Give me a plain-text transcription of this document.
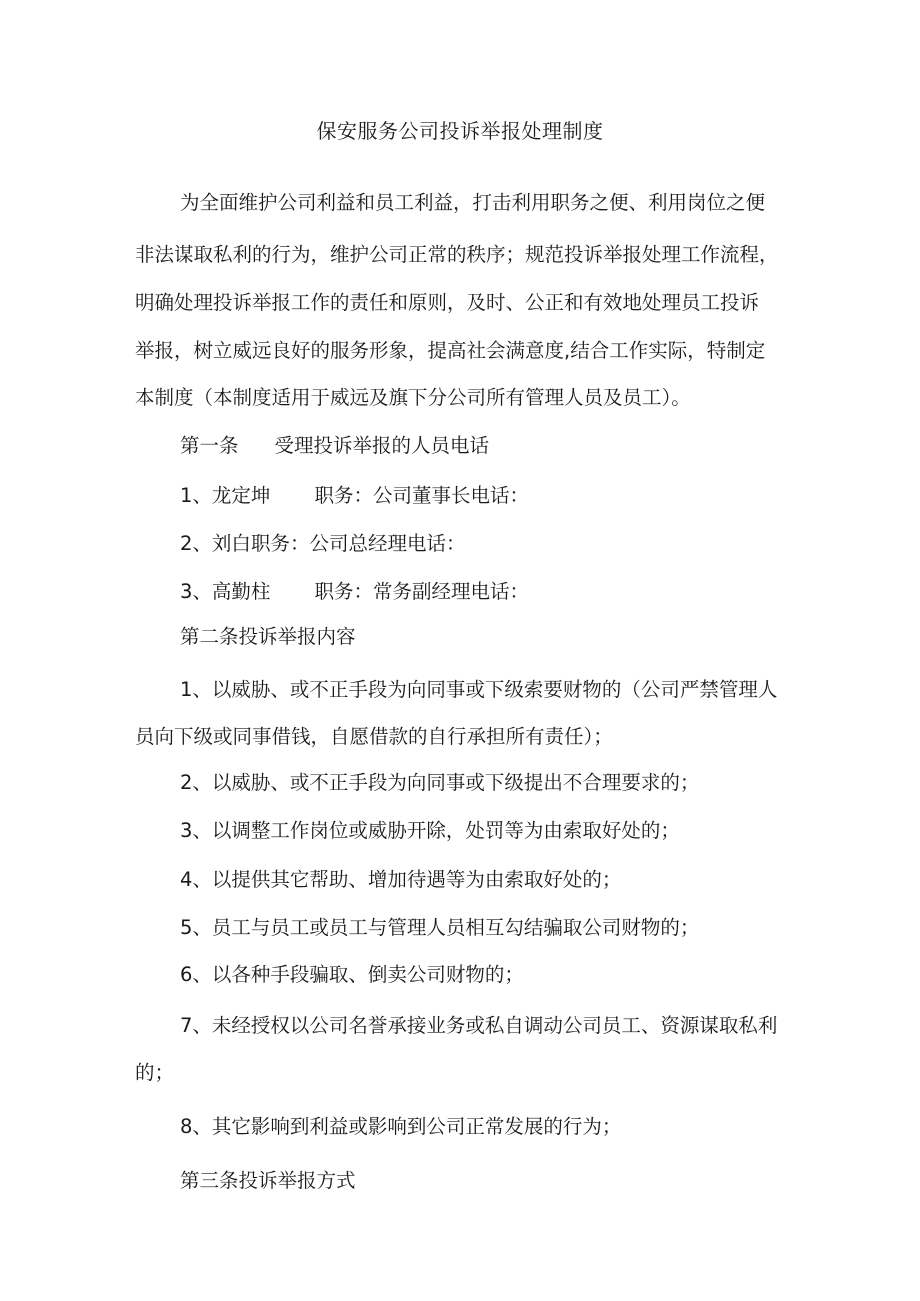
保安服务公司投诉举报处理制度
为全面维护公司利益和员工利益，打击利用职务之便、利用岗位之便
非法谋取私利的行为，维护公司正常的秩序；规范投诉举报处理工作流程，
明确处理投诉举报工作的责任和原则，及时、公正和有效地处理员工投诉
举报，树立威远良好的服务形象，提高社会满意度,结合工作实际，特制定
本制度（本制度适用于威远及旗下分公司所有管理人员及员工）。
第一条 受理投诉举报的人员电话
1、龙定坤 职务：公司董事长电话：
2、刘白职务：公司总经理电话：
3、高勤柱 职务：常务副经理电话：
第二条投诉举报内容
1、以威胁、或不正手段为向同事或下级索要财物的（公司严禁管理人
员向下级或同事借钱，自愿借款的自行承担所有责任）；
2、以威胁、或不正手段为向同事或下级提出不合理要求的；
3、以调整工作岗位或威胁开除，处罚等为由索取好处的；
4、以提供其它帮助、增加待遇等为由索取好处的；
5、员工与员工或员工与管理人员相互勾结骗取公司财物的；
6、以各种手段骗取、倒卖公司财物的；
7、未经授权以公司名誉承接业务或私自调动公司员工、资源谋取私利
的；
8、其它影响到利益或影响到公司正常发展的行为；
第三条投诉举报方式
